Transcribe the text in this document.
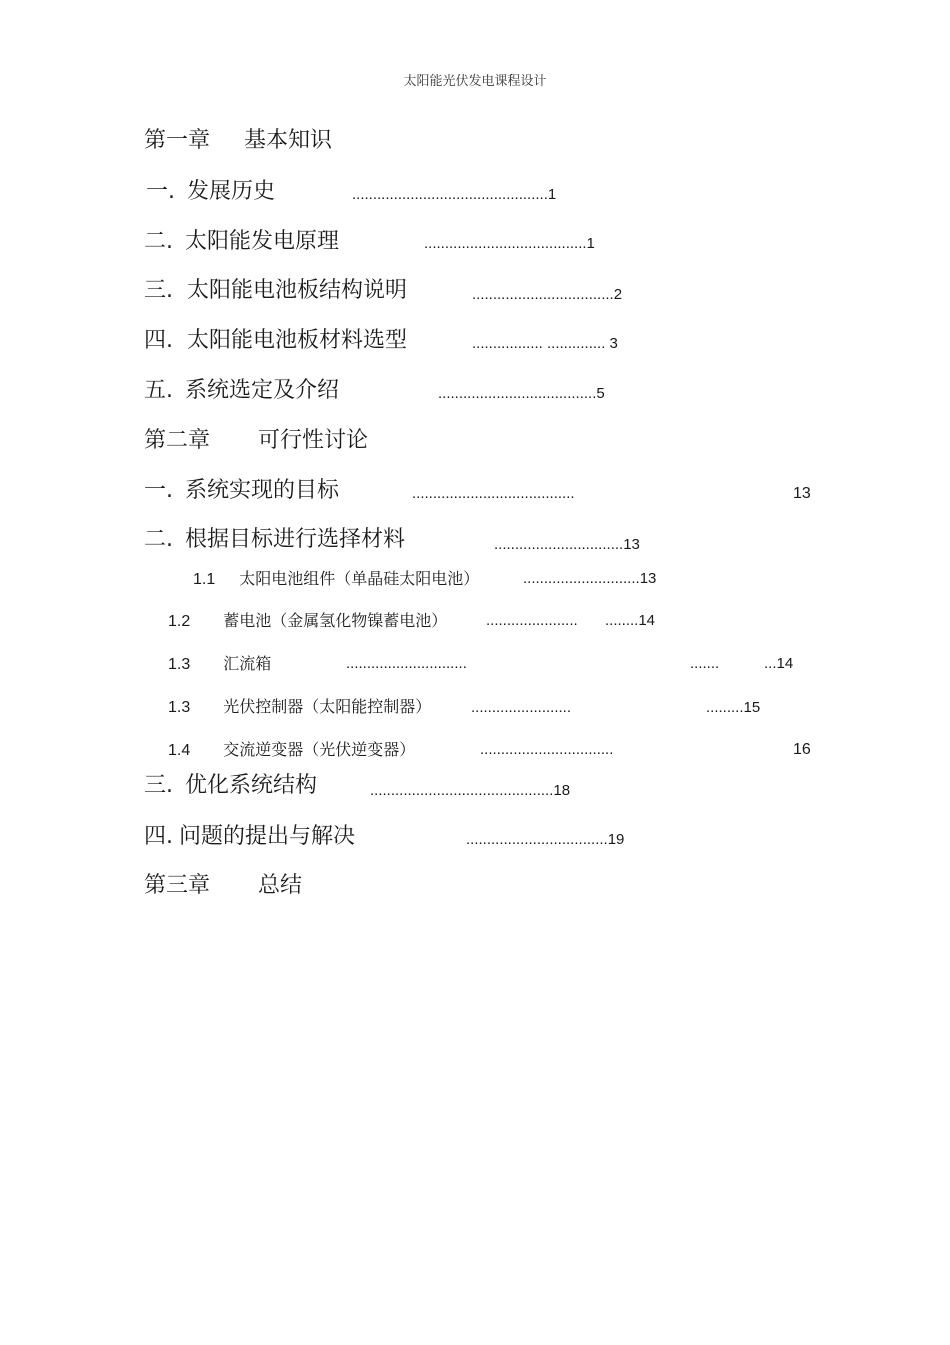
太阳能光伏发电课程设计
第一章 基本知识
一. 发展历史	...............................................1
二. 太阳能发电原理	.......................................1
三. 太阳能电池板结构说明	..................................2
四. 太阳能电池板材料选型	................. .............. 3
五. 系统选定及介绍	......................................5
第二章 可行性讨论
一. 系统实现的目标	.......................................	13
二. 根据目标进行选择材料	...............................13
1.1 太阳电池组件（单晶硅太阳电池）	............................13
1.2 蓄电池（金属氢化物镍蓄电池）	...................... ........14
1.3 汇流箱	.............................	.......	...14
1.3 光伏控制器（太阳能控制器）	........................	.........15
1.4 交流逆变器（光伏逆变器）	................................	16
三. 优化系统结构	............................................18
四. 问题的提出与解决	..................................19
第三章 总结
